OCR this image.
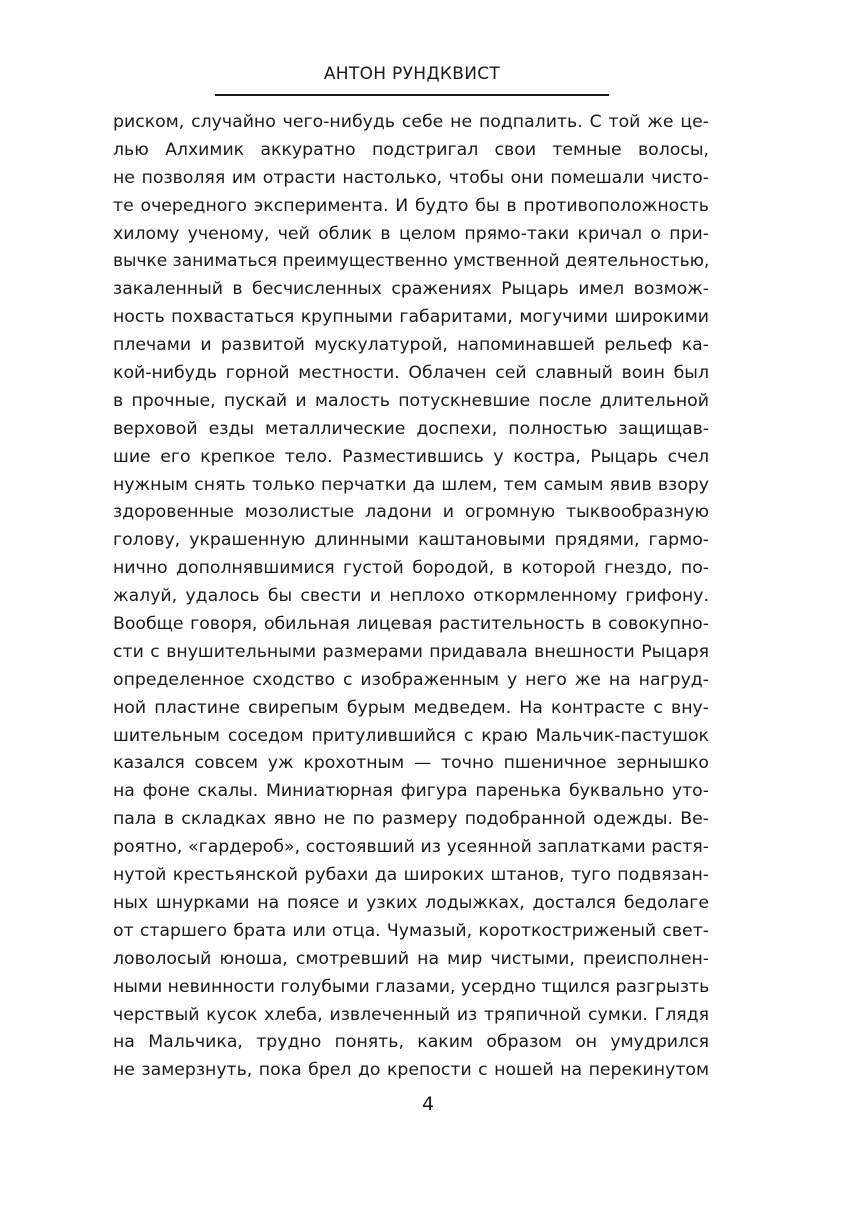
АНТОН РУНДКВИСТ
риском, случайно чего-нибудь себе не подпалить. С той же це-
лью Алхимик аккуратно подстригал свои темные волосы,
не позволяя им отрасти настолько, чтобы они помешали чисто-
те очередного эксперимента. И будто бы в противоположность
хилому ученому, чей облик в целом прямо-таки кричал о при-
вычке заниматься преимущественно умственной деятельностью,
закаленный в бесчисленных сражениях Рыцарь имел возмож-
ность похвастаться крупными габаритами, могучими широкими
плечами и развитой мускулатурой, напоминавшей рельеф ка-
кой-нибудь горной местности. Облачен сей славный воин был
в прочные, пускай и малость потускневшие после длительной
верховой езды металлические доспехи, полностью защищав-
шие его крепкое тело. Разместившись у костра, Рыцарь счел
нужным снять только перчатки да шлем, тем самым явив взору
здоровенные мозолистые ладони и огромную тыквообразную
голову, украшенную длинными каштановыми прядями, гармо-
нично дополнявшимися густой бородой, в которой гнездо, по-
жалуй, удалось бы свести и неплохо откормленному грифону.
Вообще говоря, обильная лицевая растительность в совокупно-
сти с внушительными размерами придавала внешности Рыцаря
определенное сходство с изображенным у него же на нагруд-
ной пластине свирепым бурым медведем. На контрасте с вну-
шительным соседом притулившийся с краю Мальчик-пастушок
казался совсем уж крохотным — точно пшеничное зернышко
на фоне скалы. Миниатюрная фигура паренька буквально уто-
пала в складках явно не по размеру подобранной одежды. Ве-
роятно, «гардероб», состоявший из усеянной заплатками растя-
нутой крестьянской рубахи да широких штанов, туго подвязан-
ных шнурками на поясе и узких лодыжках, достался бедолаге
от старшего брата или отца. Чумазый, короткостриженый свет-
ловолосый юноша, смотревший на мир чистыми, преисполнен-
ными невинности голубыми глазами, усердно тщился разгрызть
черствый кусок хлеба, извлеченный из тряпичной сумки. Глядя
на Мальчика, трудно понять, каким образом он умудрился
не замерзнуть, пока брел до крепости с ношей на перекинутом
4
